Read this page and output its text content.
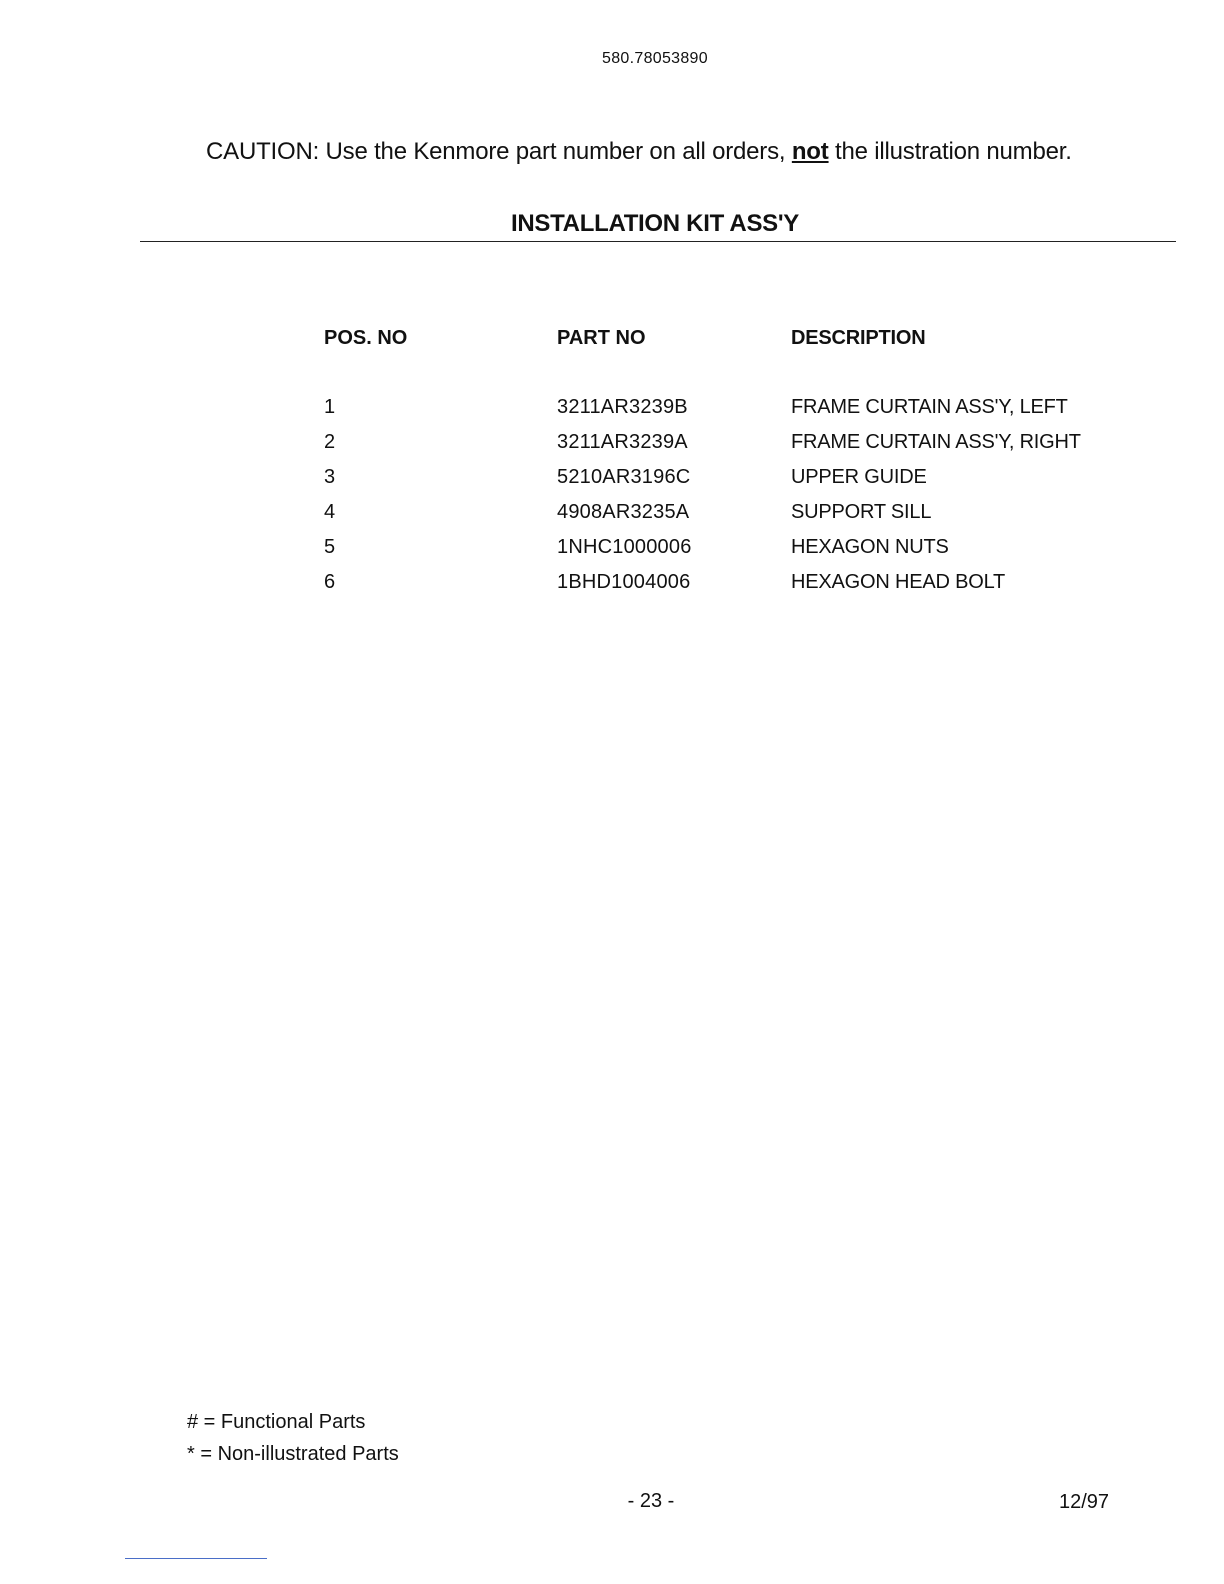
580.78053890
CAUTION: Use the Kenmore part number on all orders, not the illustration number.
INSTALLATION KIT ASS'Y
POS. NO	PART NO	DESCRIPTION
1	3211AR3239B	FRAME CURTAIN ASS'Y, LEFT
2	3211AR3239A	FRAME CURTAIN ASS'Y, RIGHT
3	5210AR3196C	UPPER GUIDE
4	4908AR3235A	SUPPORT SILL
5	1NHC1000006	HEXAGON NUTS
6	1BHD1004006	HEXAGON HEAD BOLT
# = Functional Parts
* = Non-illustrated Parts
- 23 -	12/97
